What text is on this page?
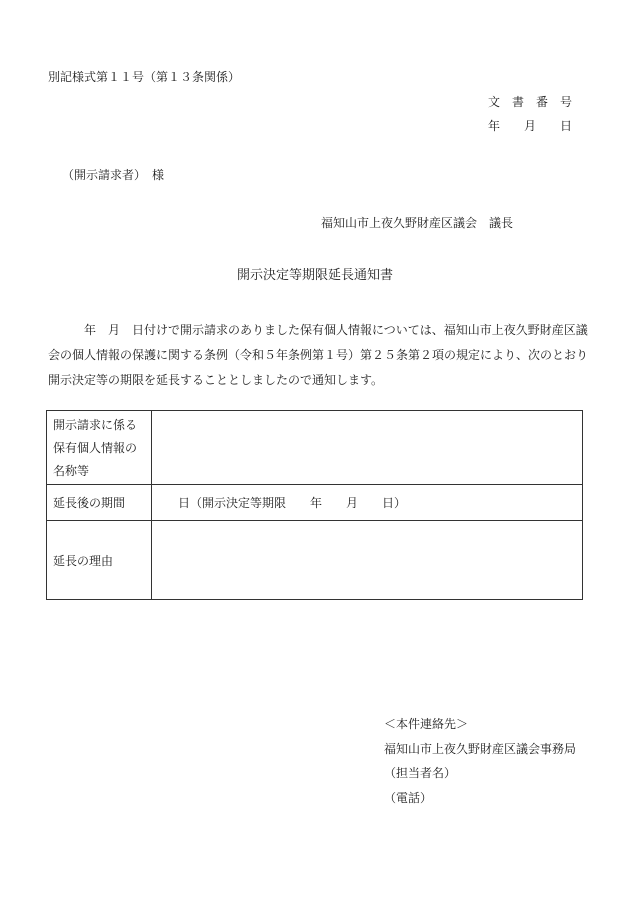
別記様式第１１号（第１３条関係）
文　書　番　号
年　　月　　日
（開示請求者）　様
福知山市上夜久野財産区議会　議長
開示決定等期限延長通知書
年　月　日付けで開示請求のありました保有個人情報については、福知山市上夜久野財産区議会の個人情報の保護に関する条例（令和５年条例第１号）第２５条第２項の規定により、次のとおり開示決定等の期限を延長することとしましたので通知します。
開示請求に係る
保有個人情報の
名称等	

延長後の期間	日（開示決定等期限　　年　　月　　日）
延長の理由	
＜本件連絡先＞
福知山市上夜久野財産区議会事務局
（担当者名）
（電話）
